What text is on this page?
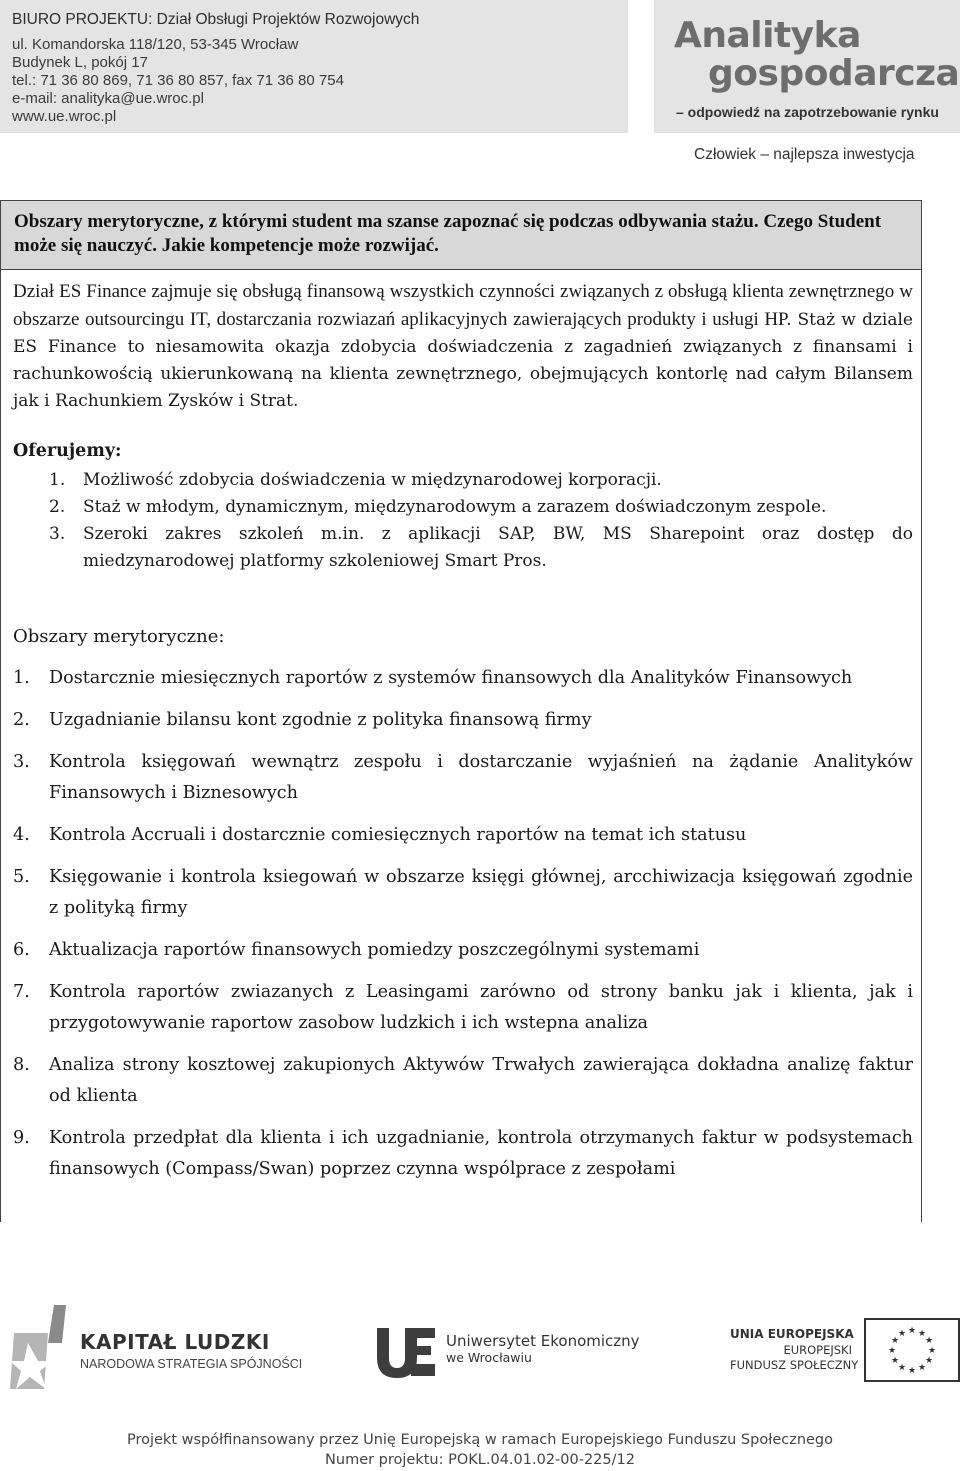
BIURO PROJEKTU: Dział Obsługi Projektów Rozwojowych
ul. Komandorska 118/120, 53-345 Wrocław
Budynek L, pokój 17
tel.: 71 36 80 869, 71 36 80 857, fax 71 36 80 754
e-mail: analityka@ue.wroc.pl
www.ue.wroc.pl
Analityka
gospodarcza
– odpowiedź na zapotrzebowanie rynku
Człowiek – najlepsza inwestycja

Obszary merytoryczne, z którymi student ma szanse zapoznać się podczas odbywania stażu. Czego Student może się nauczyć. Jakie kompetencje może rozwijać.

Dział ES Finance zajmuje się obsługą finansową wszystkich czynności związanych z obsługą klienta zewnętrznego w obszarze outsourcingu IT, dostarczania rozwiazań aplikacyjnych zawierających produkty i usługi HP. Staż w dziale ES Finance to niesamowita okazja zdobycia doświadczenia z zagadnień związanych z finansami i rachunkowością ukierunkowaną na klienta zewnętrznego, obejmujących kontorlę nad całym Bilansem jak i Rachunkiem Zysków i Strat.
Oferujemy:
1.	Możliwość zdobycia doświadczenia w międzynarodowej korporacji.
2.	Staż w młodym, dynamicznym, międzynarodowym a zarazem doświadczonym zespole.
3.	Szeroki zakres szkoleń m.in. z aplikacji SAP, BW, MS Sharepoint oraz dostęp do miedzynarodowej platformy szkoleniowej Smart Pros.
Obszary merytoryczne:
1.	Dostarcznie miesięcznych raportów z systemów finansowych dla Analityków Finansowych
2.	Uzgadnianie bilansu kont zgodnie z polityka finansową firmy
3.	Kontrola księgowań wewnątrz zespołu i dostarczanie wyjaśnień na żądanie Analityków Finansowych i Biznesowych
4.	Kontrola Accruali i dostarcznie comiesięcznych raportów na temat ich statusu
5.	Księgowanie i kontrola ksiegowań w obszarze księgi głównej, arcchiwizacja księgowań zgodnie z polityką firmy
6.	Aktualizacja raportów finansowych pomiedzy poszczególnymi systemami
7.	Kontrola raportów zwiazanych z Leasingami zarówno od strony banku jak i klienta, jak i przygotowywanie raportow zasobow ludzkich i ich wstepna analiza
8.	Analiza strony kosztowej zakupionych Aktywów Trwałych zawierająca dokładna analizę faktur od klienta
9.	Kontrola przedpłat dla klienta i ich uzgadnianie, kontrola otrzymanych faktur w podsystemach finansowych (Compass/Swan) poprzez czynna wspólprace z zespołami
KAPITAŁ LUDZKI
NARODOWA STRATEGIA SPÓJNOŚCI
Uniwersytet Ekonomiczny
we Wrocławiu
UNIA EUROPEJSKA
EUROPEJSKI
FUNDUSZ SPOŁECZNY
★ ★
★
★
★
★
★
★
★
★
★
★
Projekt współfinansowany przez Unię Europejską w ramach Europejskiego Funduszu Społecznego
Numer projektu: POKL.04.01.02-00-225/12
